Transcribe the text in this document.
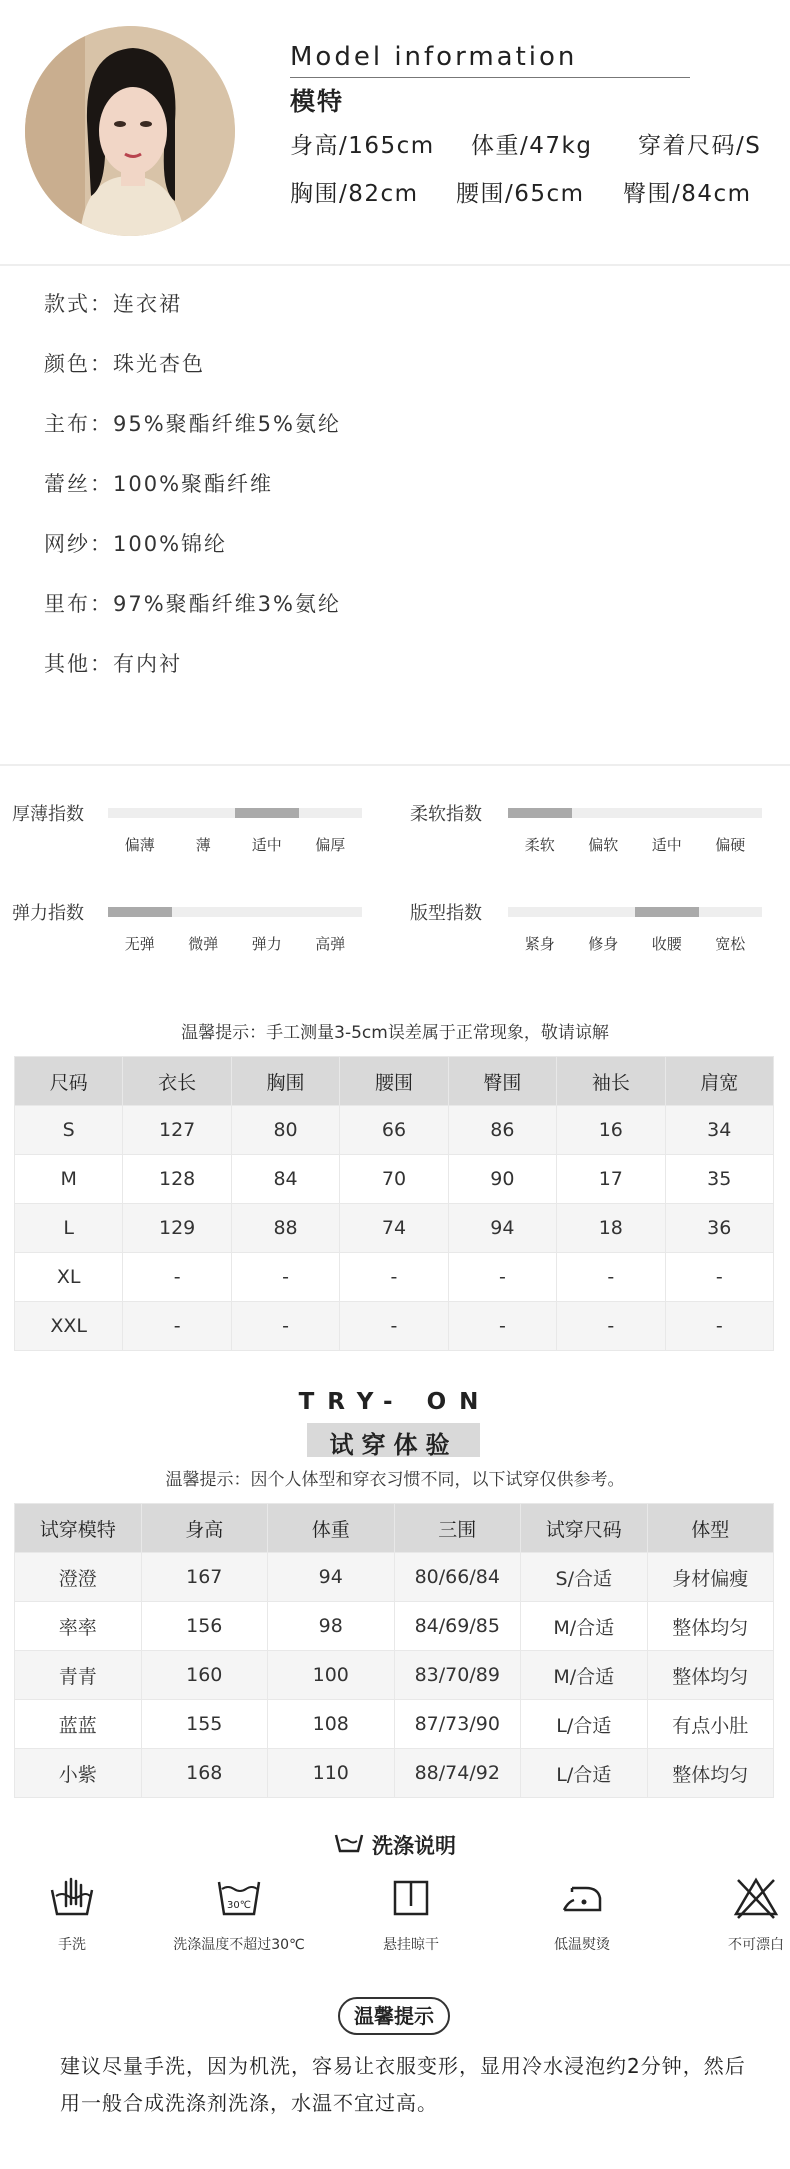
Model information
模特
身高/165cm 体重/47kg 穿着尺码/S
胸围/82cm 腰围/65cm 臀围/84cm
款式：连衣裙
颜色：珠光杏色
主布：95%聚酯纤维5%氨纶
蕾丝：100%聚酯纤维
网纱：100%锦纶
里布：97%聚酯纤维3%氨纶
其他：有内衬
厚薄指数
偏薄	薄	适中 偏厚
柔软指数
柔软 偏软 适中 偏硬
弹力指数
无弹 微弹 弹力 高弹
版型指数
紧身 修身 收腰 宽松
温馨提示：手工测量3-5cm误差属于正常现象，敬请谅解
尺码	衣长	胸围	腰围	臀围	袖长	肩宽
S	127	80	66	86	16	34
M	128	84	70	90	17	35
L	129	88	74	94	18	36
XL	-	-	-	-	-	-
XXL	-	-	-	-	-	-
TRY- ON
试穿体验
温馨提示：因个人体型和穿衣习惯不同，以下试穿仅供参考。
试穿模特	身高	体重	三围	试穿尺码	体型
澄澄	167	94	80/66/84	S/合适	身材偏瘦
率率	156	98	84/69/85	M/合适	整体均匀
青青	160	100	83/70/89	M/合适	整体均匀
蓝蓝	155	108	87/73/90	L/合适	有点小肚
小紫	168	110	88/74/92	L/合适	整体均匀
洗涤说明
30℃
手洗	洗涤温度不超过30℃	悬挂晾干	低温熨烫	不可漂白
温馨提示
建议尽量手洗，因为机洗，容易让衣服变形，显用冷水浸泡约2分钟，然后
用一般合成洗涤剂洗涤，水温不宜过高。
